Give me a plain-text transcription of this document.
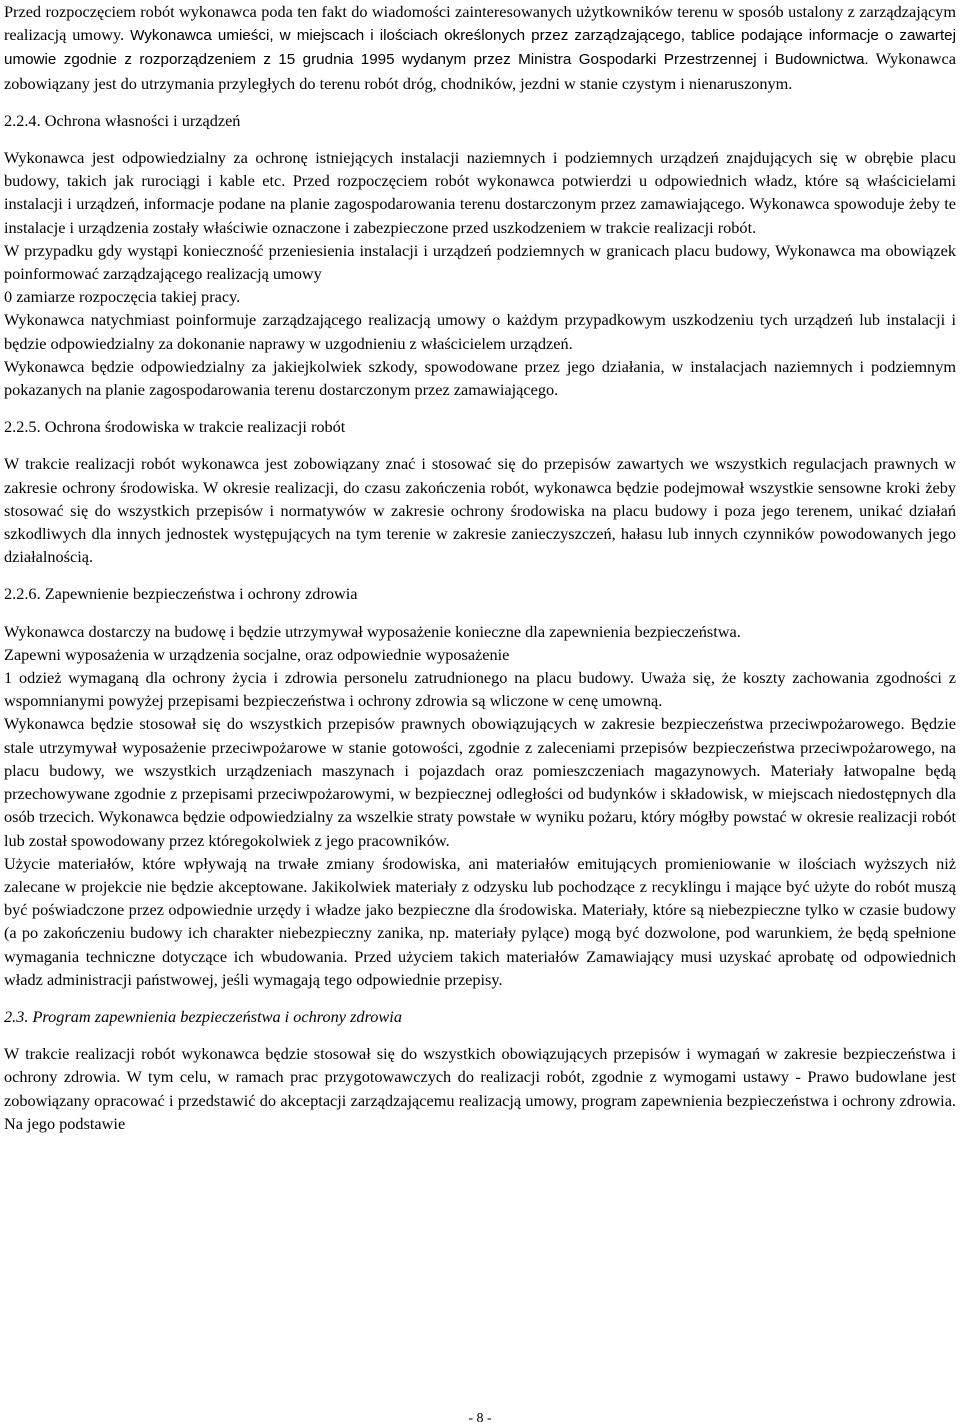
Przed rozpoczęciem robót wykonawca poda ten fakt do wiadomości zainteresowanych użytkowników terenu w sposób ustalony z zarządzającym realizacją umowy. Wykonawca umieści, w miejscach i ilościach określonych przez zarządzającego, tablice podające informacje o zawartej umowie zgodnie z rozporządzeniem z 15 grudnia 1995 wydanym przez Ministra Gospodarki Przestrzennej i Budownictwa. Wykonawca zobowiązany jest do utrzymania przyległych do terenu robót dróg, chodników, jezdni w stanie czystym i nienaruszonym.

2.2.4. Ochrona własności i urządzeń

Wykonawca jest odpowiedzialny za ochronę istniejących instalacji naziemnych i podziemnych urządzeń znajdujących się w obrębie placu budowy, takich jak rurociągi i kable etc. Przed rozpoczęciem robót wykonawca potwierdzi u odpowiednich władz, które są właścicielami instalacji i urządzeń, informacje podane na planie zagospodarowania terenu dostarczonym przez zamawiającego. Wykonawca spowoduje żeby te instalacje i urządzenia zostały właściwie oznaczone i zabezpieczone przed uszkodzeniem w trakcie realizacji robót.

W przypadku gdy wystąpi konieczność przeniesienia instalacji i urządzeń podziemnych w granicach placu budowy, Wykonawca ma obowiązek poinformować zarządzającego realizacją umowy

0 zamiarze rozpoczęcia takiej pracy.

Wykonawca natychmiast poinformuje zarządzającego realizacją umowy o każdym przypadkowym uszkodzeniu tych urządzeń lub instalacji i będzie odpowiedzialny za dokonanie naprawy w uzgodnieniu z właścicielem urządzeń.

Wykonawca będzie odpowiedzialny za jakiejkolwiek szkody, spowodowane przez jego działania, w instalacjach naziemnych i podziemnym pokazanych na planie zagospodarowania terenu dostarczonym przez zamawiającego.

2.2.5. Ochrona środowiska w trakcie realizacji robót

W trakcie realizacji robót wykonawca jest zobowiązany znać i stosować się do przepisów zawartych we wszystkich regulacjach prawnych w zakresie ochrony środowiska. W okresie realizacji, do czasu zakończenia robót, wykonawca będzie podejmował wszystkie sensowne kroki żeby stosować się do wszystkich przepisów i normatywów w zakresie ochrony środowiska na placu budowy i poza jego terenem, unikać działań szkodliwych dla innych jednostek występujących na tym terenie w zakresie zanieczyszczeń, hałasu lub innych czynników powodowanych jego działalnością.

2.2.6. Zapewnienie bezpieczeństwa i ochrony zdrowia

Wykonawca dostarczy na budowę i będzie utrzymywał wyposażenie konieczne dla zapewnienia bezpieczeństwa.

Zapewni wyposażenia w urządzenia socjalne, oraz odpowiednie wyposażenie

1 odzież wymaganą dla ochrony życia i zdrowia personelu zatrudnionego na placu budowy. Uważa się, że koszty zachowania zgodności z wspomnianymi powyżej przepisami bezpieczeństwa i ochrony zdrowia są wliczone w cenę umowną.

Wykonawca będzie stosował się do wszystkich przepisów prawnych obowiązujących w zakresie bezpieczeństwa przeciwpożarowego. Będzie stale utrzymywał wyposażenie przeciwpożarowe w stanie gotowości, zgodnie z zaleceniami przepisów bezpieczeństwa przeciwpożarowego, na placu budowy, we wszystkich urządzeniach maszynach i pojazdach oraz pomieszczeniach magazynowych. Materiały łatwopalne będą przechowywane zgodnie z przepisami przeciwpożarowymi, w bezpiecznej odległości od budynków i składowisk, w miejscach niedostępnych dla osób trzecich. Wykonawca będzie odpowiedzialny za wszelkie straty powstałe w wyniku pożaru, który mógłby powstać w okresie realizacji robót lub został spowodowany przez któregokolwiek z jego pracowników.

Użycie materiałów, które wpływają na trwałe zmiany środowiska, ani materiałów emitujących promieniowanie w ilościach wyższych niż zalecane w projekcie nie będzie akceptowane. Jakikolwiek materiały z odzysku lub pochodzące z recyklingu i mające być użyte do robót muszą być poświadczone przez odpowiednie urzędy i władze jako bezpieczne dla środowiska. Materiały, które są niebezpieczne tylko w czasie budowy (a po zakończeniu budowy ich charakter niebezpieczny zanika, np. materiały pylące) mogą być dozwolone, pod warunkiem, że będą spełnione wymagania techniczne dotyczące ich wbudowania. Przed użyciem takich materiałów Zamawiający musi uzyskać aprobatę od odpowiednich władz administracji państwowej, jeśli wymagają tego odpowiednie przepisy.

2.3. Program zapewnienia bezpieczeństwa i ochrony zdrowia

W trakcie realizacji robót wykonawca będzie stosował się do wszystkich obowiązujących przepisów i wymagań w zakresie bezpieczeństwa i ochrony zdrowia. W tym celu, w ramach prac przygotowawczych do realizacji robót, zgodnie z wymogami ustawy - Prawo budowlane jest zobowiązany opracować i przedstawić do akceptacji zarządzającemu realizacją umowy, program zapewnienia bezpieczeństwa i ochrony zdrowia. Na jego podstawie

- 8 -
